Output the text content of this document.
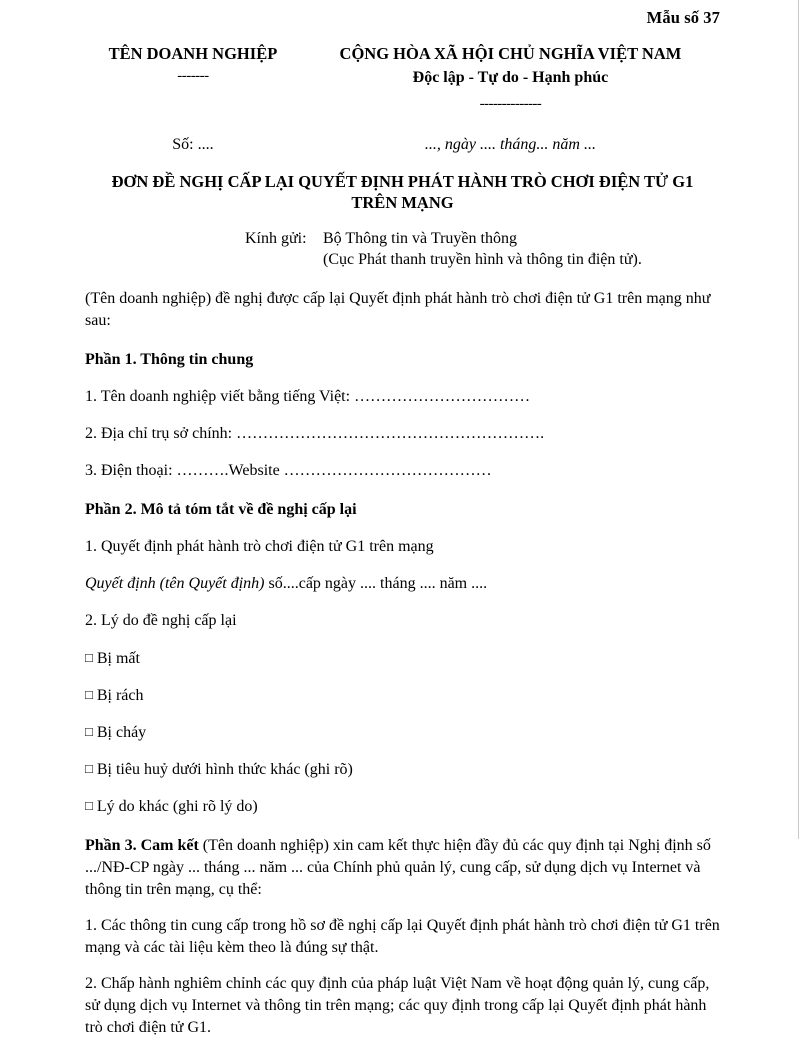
Mẫu số 37
TÊN DOANH NGHIỆP
-------
CỘNG HÒA XÃ HỘI CHỦ NGHĨA VIỆT NAM
Độc lập - Tự do - Hạnh phúc
--------------
Số: ....	..., ngày .... tháng... năm ...
ĐƠN ĐỀ NGHỊ CẤP LẠI QUYẾT ĐỊNH PHÁT HÀNH TRÒ CHƠI ĐIỆN TỬ G1
TRÊN MẠNG
Kính gửi:	Bộ Thông tin và Truyền thông
(Cục Phát thanh truyền hình và thông tin điện tử).

(Tên doanh nghiệp) đề nghị được cấp lại Quyết định phát hành trò chơi điện tử G1 trên mạng như sau:

Phần 1. Thông tin chung

1. Tên doanh nghiệp viết bằng tiếng Việt: ……………………………

2. Địa chỉ trụ sở chính: ………………………………………………….

3. Điện thoại: ……….Website …………………………………

Phần 2. Mô tả tóm tắt về đề nghị cấp lại

1. Quyết định phát hành trò chơi điện tử G1 trên mạng

Quyết định (tên Quyết định) số....cấp ngày .... tháng .... năm ....

2. Lý do đề nghị cấp lại

□ Bị mất

□ Bị rách

□ Bị cháy

□ Bị tiêu huỷ dưới hình thức khác (ghi rõ)

□ Lý do khác (ghi rõ lý do)

Phần 3. Cam kết (Tên doanh nghiệp) xin cam kết thực hiện đầy đủ các quy định tại Nghị định số .../NĐ-CP ngày ... tháng ... năm ... của Chính phủ quản lý, cung cấp, sử dụng dịch vụ Internet và thông tin trên mạng, cụ thể:

1. Các thông tin cung cấp trong hồ sơ đề nghị cấp lại Quyết định phát hành trò chơi điện tử G1 trên mạng và các tài liệu kèm theo là đúng sự thật.

2. Chấp hành nghiêm chỉnh các quy định của pháp luật Việt Nam về hoạt động quản lý, cung cấp, sử dụng dịch vụ Internet và thông tin trên mạng; các quy định trong cấp lại Quyết định phát hành trò chơi điện tử G1.
